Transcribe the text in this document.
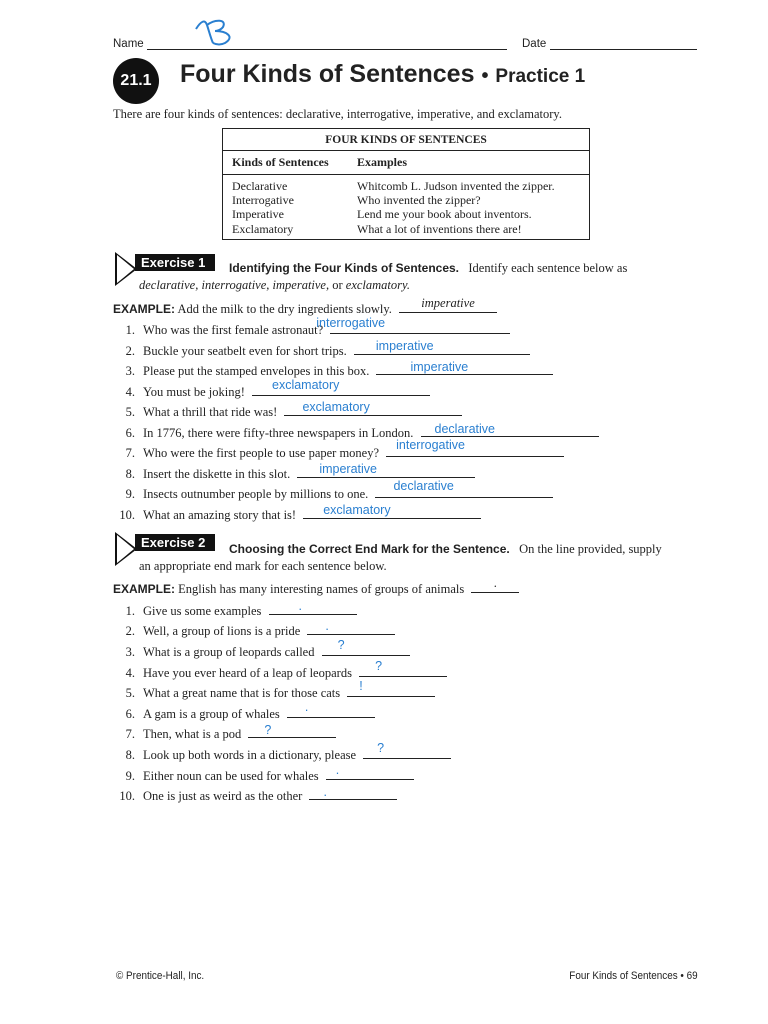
Name	Date
21.1 Four Kinds of Sentences • Practice 1
There are four kinds of sentences: declarative, interrogative, imperative, and exclamatory.
FOUR KINDS OF SENTENCES
Kinds of Sentences	Examples
Declarative	Whitcomb L. Judson invented the zipper.
Interrogative	Who invented the zipper?
Imperative	Lend me your book about inventors.
Exclamatory	What a lot of inventions there are!
Exercise 1	Identifying the Four Kinds of Sentences. Identify each sentence below as
declarative, interrogative, imperative, or exclamatory.
EXAMPLE: Add the milk to the dry ingredients slowly.	imperative
1. Who was the first female astronaut?
interrogative
2. Buckle your seatbelt even for short trips. imperative
3. Please put the stamped envelopes in this box.	imperative
4. You must be joking! exclamatory
5. What a thrill that ride was! exclamatory
6. In 1776, there were fifty-three newspapers in London. declarative
7. Who were the first people to use paper money?
interrogative
8. Insert the diskette in this slot. imperative
9. Insects outnumber people by millions to one.
declarative
10. What an amazing story that is! exclamatory
Exercise 2	Choosing the Correct End Mark for the Sentence. On the line provided, supply
an appropriate end mark for each sentence below.
EXAMPLE: English has many interesting names of groups of animals	.
1. Give us some examples	.
2. Well, a group of lions is a pride .
3. What is a group of leopards called ?
4. Have you ever heard of a leap of leopards ?
5. What a great name that is for those cats !
6. A gam is a group of whales .
7. Then, what is a pod ?
8. Look up both words in a dictionary, please ?
9. Either noun can be used for whales .
10. One is just as weird as the other .
© Prentice-Hall, Inc.	Four Kinds of Sentences • 69
